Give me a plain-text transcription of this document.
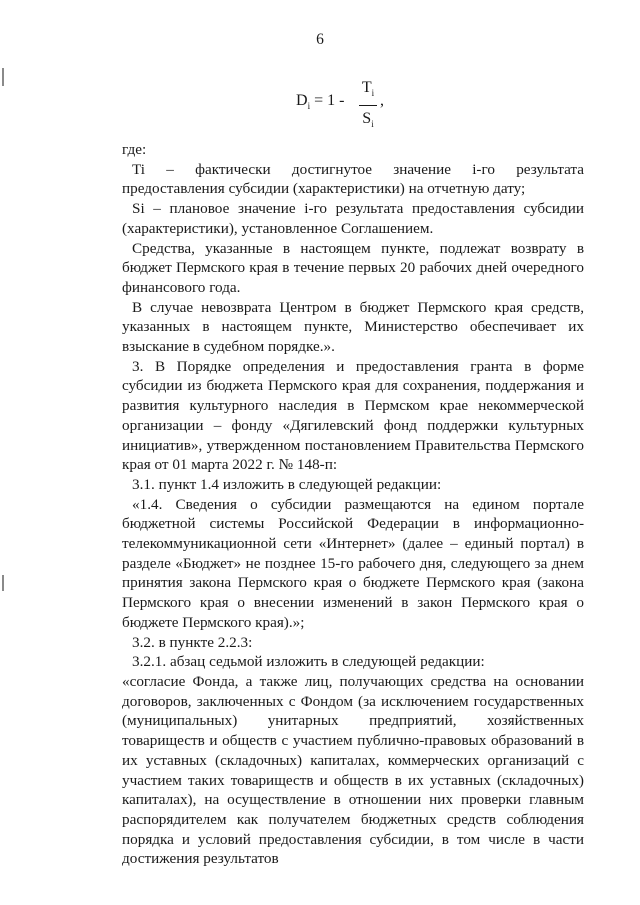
6
$D_i = 1$ -
$T_i$
$S_i$
,

где:

Ti – фактически достигнутое значение i-го результата предоставления субсидии (характеристики) на отчетную дату;

Si – плановое значение i-го результата предоставления субсидии (характеристики), установленное Соглашением.

Средства, указанные в настоящем пункте, подлежат возврату в бюджет Пермского края в течение первых 20 рабочих дней очередного финансового года.

В случае невозврата Центром в бюджет Пермского края средств, указанных в настоящем пункте, Министерство обеспечивает их взыскание в судебном порядке.».

3. В Порядке определения и предоставления гранта в форме субсидии из бюджета Пермского края для сохранения, поддержания и развития культурного наследия в Пермском крае некоммерческой организации – фонду «Дягилевский фонд поддержки культурных инициатив», утвержденном постановлением Правительства Пермского края от 01 марта 2022 г. № 148-п:

3.1. пункт 1.4 изложить в следующей редакции:

«1.4. Сведения о субсидии размещаются на едином портале бюджетной системы Российской Федерации в информационно-телекоммуникационной сети «Интернет» (далее – единый портал) в разделе «Бюджет» не позднее 15-го рабочего дня, следующего за днем принятия закона Пермского края о бюджете Пермского края (закона Пермского края о внесении изменений в закон Пермского края о бюджете Пермского края).»;

3.2. в пункте 2.2.3:

3.2.1. абзац седьмой изложить в следующей редакции:

«согласие Фонда, а также лиц, получающих средства на основании договоров, заключенных с Фондом (за исключением государственных (муниципальных) унитарных предприятий, хозяйственных товариществ и обществ с участием публично-правовых образований в их уставных (складочных) капиталах, коммерческих организаций с участием таких товариществ и обществ в их уставных (складочных) капиталах), на осуществление в отношении них проверки главным распорядителем как получателем бюджетных средств соблюдения порядка и условий предоставления субсидии, в том числе в части достижения результатов
